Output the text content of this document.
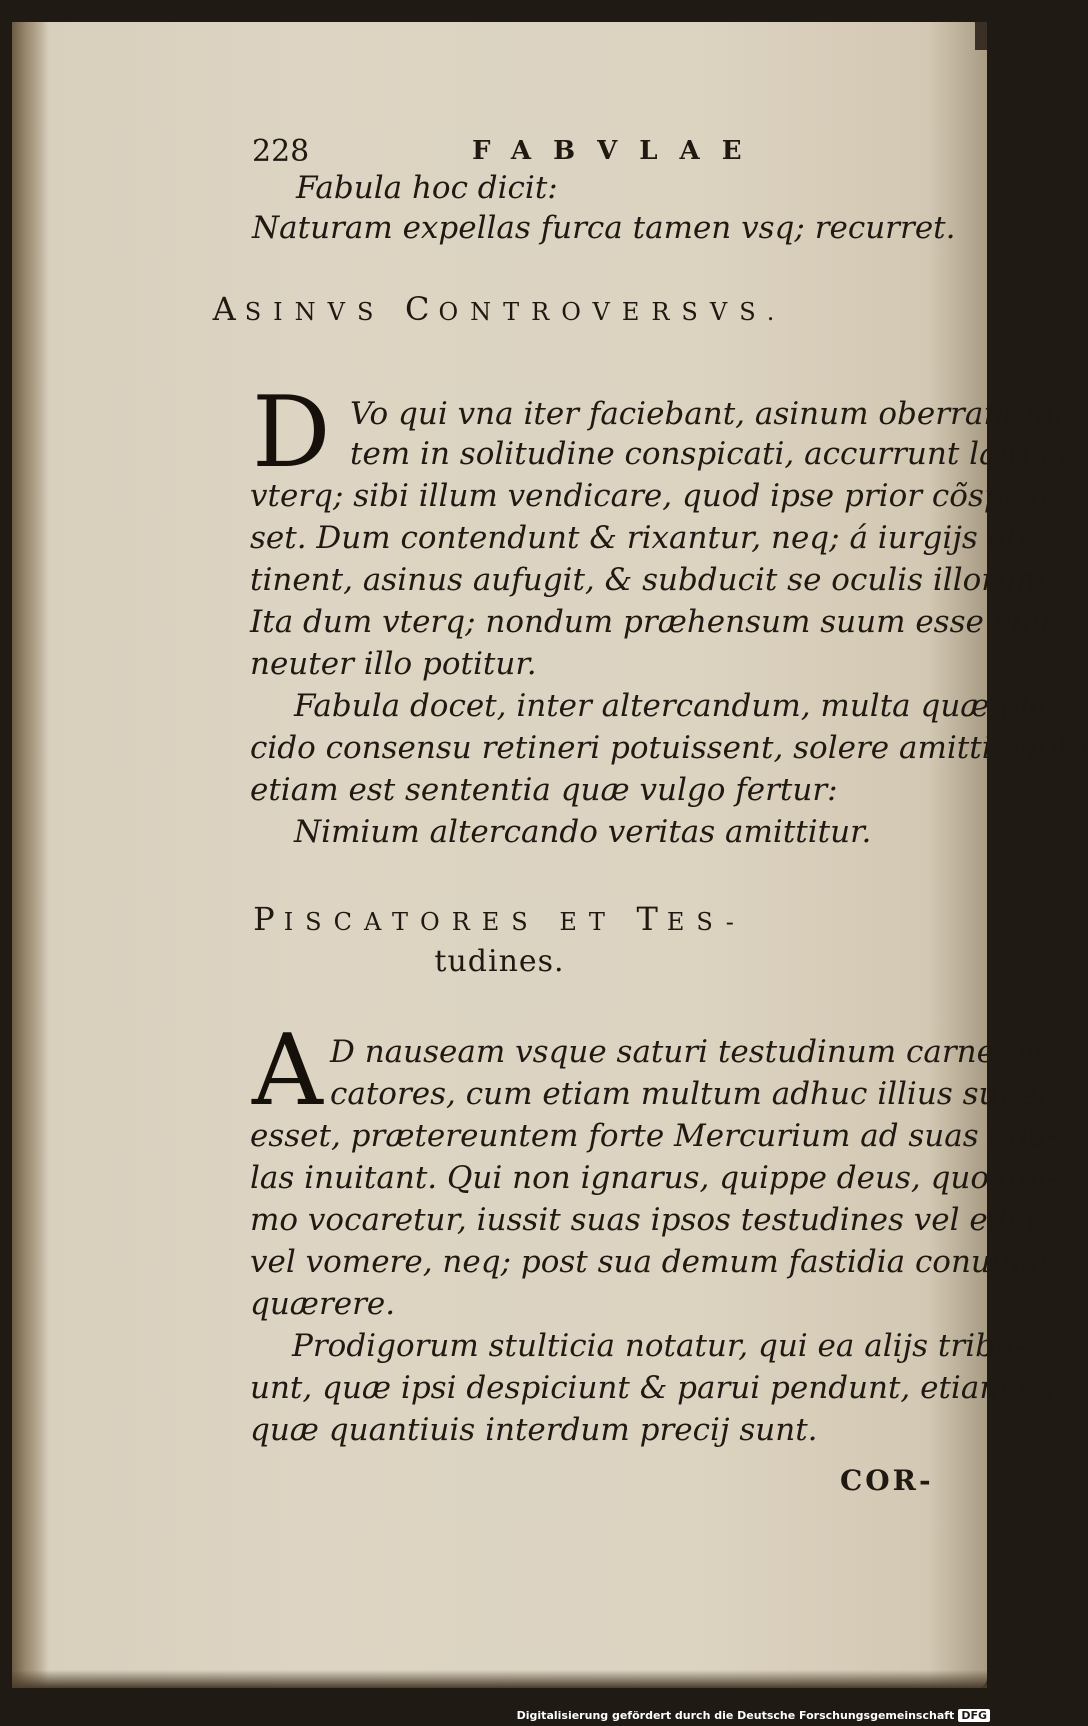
228	FABVLAE
Fabula hoc dicit:
Naturam expellas furca tamen vsq; recurret.
ASINVS CONTROVERSVS.
D Vo qui vna iter faciebant, asinum oberrantem
tem in solitudine conspicati, accurrunt læti ac
vterq; sibi illum vendicare, quod ipse prior cõspexis-
set. Dum contendunt & rixantur, neq; á iurgijs abs-
tinent, asinus aufugit, & subducit se oculis illorum.
Ita dum vterq; nondum præhensum suum esse vult,
neuter illo potitur.
Fabula docet, inter altercandum, multa quæ pla-
cido consensu retineri potuissent, solere amitti. Nota
etiam est sententia quæ vulgo fertur:
Nimium altercando veritas amittitur.
PISCATORES ET TES-
tudines.
A D nauseam vsque saturi testudinum carne pis-
catores, cum etiam multum adhuc illius super
esset, prætereuntem forte Mercurium ad suas epu-
las inuitant. Qui non ignarus, quippe deus, quo ani-
mo vocaretur, iussit suas ipsos testudines vel edere
vel vomere, neq; post sua demum fastidia conuiuas
quærere.
Prodigorum stulticia notatur, qui ea alijs tribu-
unt, quæ ipsi despiciunt & parui pendunt, etiam ea,
quæ quantiuis interdum precij sunt.
COR-
Digitalisierung gefördert durch die Deutsche Forschungsgemeinschaft DFG
